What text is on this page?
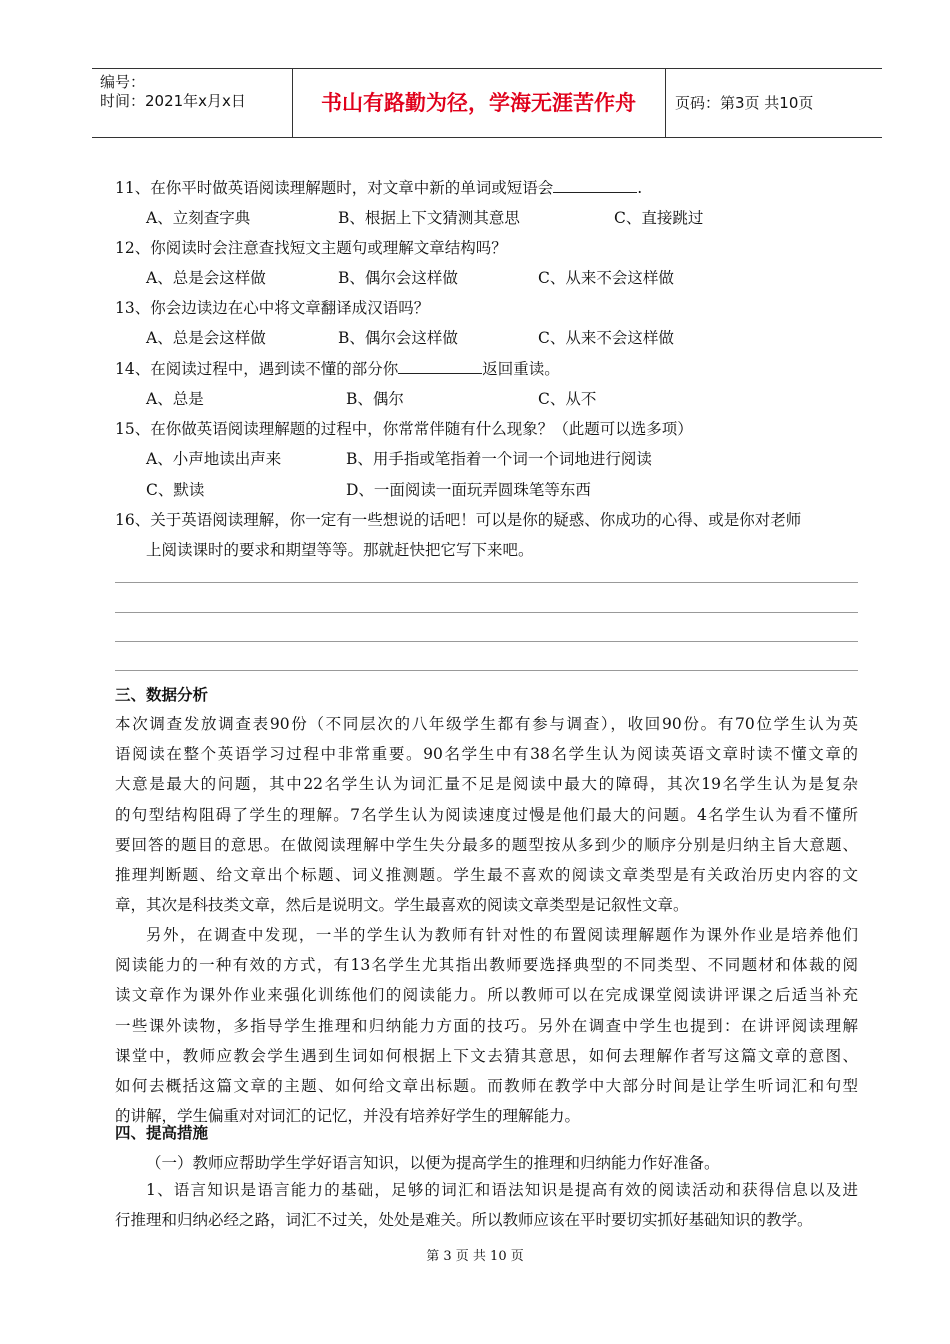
编号：
时间：2021年x月x日	书山有路勤为径，学海无涯苦作舟	页码：第3页 共10页
11、在你平时做英语阅读理解题时，对文章中新的单词或短语会	.
A、立刻查字典	B、根据上下文猜测其意思	C、直接跳过
12、你阅读时会注意查找短文主题句或理解文章结构吗？
A、总是会这样做	B、偶尔会这样做	C、从来不会这样做
13、你会边读边在心中将文章翻译成汉语吗？
A、总是会这样做	B、偶尔会这样做	C、从来不会这样做
14、在阅读过程中，遇到读不懂的部分你	返回重读。
A、总是	B、偶尔	C、从不
15、在你做英语阅读理解题的过程中，你常常伴随有什么现象？（此题可以选多项）
A、小声地读出声来	B、用手指或笔指着一个词一个词地进行阅读
C、默读	D、一面阅读一面玩弄圆珠笔等东西
16、关于英语阅读理解，你一定有一些想说的话吧！可以是你的疑惑、你成功的心得、或是你对老师
上阅读课时的要求和期望等等。那就赶快把它写下来吧。
三、数据分析
本次调查发放调查表90份（不同层次的八年级学生都有参与调查），收回90份。有70位学生认为英
语阅读在整个英语学习过程中非常重要。90名学生中有38名学生认为阅读英语文章时读不懂文章的
大意是最大的问题，其中22名学生认为词汇量不足是阅读中最大的障碍，其次19名学生认为是复杂
的句型结构阻碍了学生的理解。7名学生认为阅读速度过慢是他们最大的问题。4名学生认为看不懂所
要回答的题目的意思。在做阅读理解中学生失分最多的题型按从多到少的顺序分别是归纳主旨大意题、
推理判断题、给文章出个标题、词义推测题。学生最不喜欢的阅读文章类型是有关政治历史内容的文
章，其次是科技类文章，然后是说明文。学生最喜欢的阅读文章类型是记叙性文章。
另外，在调查中发现，一半的学生认为教师有针对性的布置阅读理解题作为课外作业是培养他们
阅读能力的一种有效的方式，有13名学生尤其指出教师要选择典型的不同类型、不同题材和体裁的阅
读文章作为课外作业来强化训练他们的阅读能力。所以教师可以在完成课堂阅读讲评课之后适当补充
一些课外读物，多指导学生推理和归纳能力方面的技巧。另外在调查中学生也提到：在讲评阅读理解
课堂中，教师应教会学生遇到生词如何根据上下文去猜其意思，如何去理解作者写这篇文章的意图、
如何去概括这篇文章的主题、如何给文章出标题。而教师在教学中大部分时间是让学生听词汇和句型
的讲解，学生偏重对对词汇的记忆，并没有培养好学生的理解能力。
四、提高措施
（一）教师应帮助学生学好语言知识，以便为提高学生的推理和归纳能力作好准备。
1、语言知识是语言能力的基础，足够的词汇和语法知识是提高有效的阅读活动和获得信息以及进
行推理和归纳必经之路，词汇不过关，处处是难关。所以教师应该在平时要切实抓好基础知识的教学。
第 3 页 共 10 页
